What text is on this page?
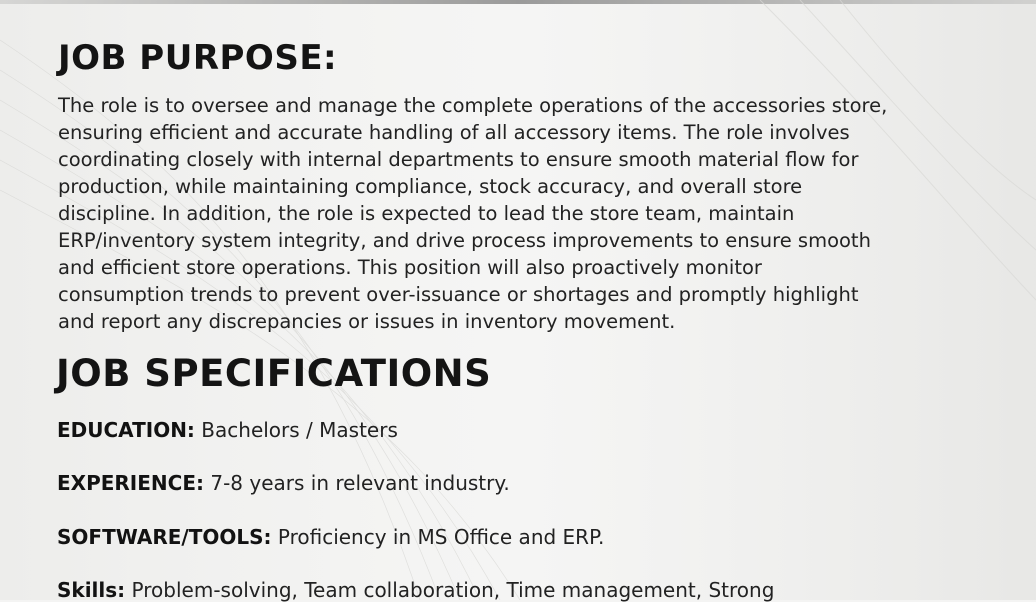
JOB PURPOSE:
The role is to oversee and manage the complete operations of the accessories store,
ensuring efficient and accurate handling of all accessory items. The role involves
coordinating closely with internal departments to ensure smooth material flow for
production, while maintaining compliance, stock accuracy, and overall store
discipline. In addition, the role is expected to lead the store team, maintain
ERP/inventory system integrity, and drive process improvements to ensure smooth
and efficient store operations. This position will also proactively monitor
consumption trends to prevent over-issuance or shortages and promptly highlight
and report any discrepancies or issues in inventory movement.
JOB SPECIFICATIONS

EDUCATION: Bachelors / Masters

EXPERIENCE: 7-8 years in relevant industry.

SOFTWARE/TOOLS: Proficiency in MS Office and ERP.

Skills: Problem-solving, Team collaboration, Time management, Strong
